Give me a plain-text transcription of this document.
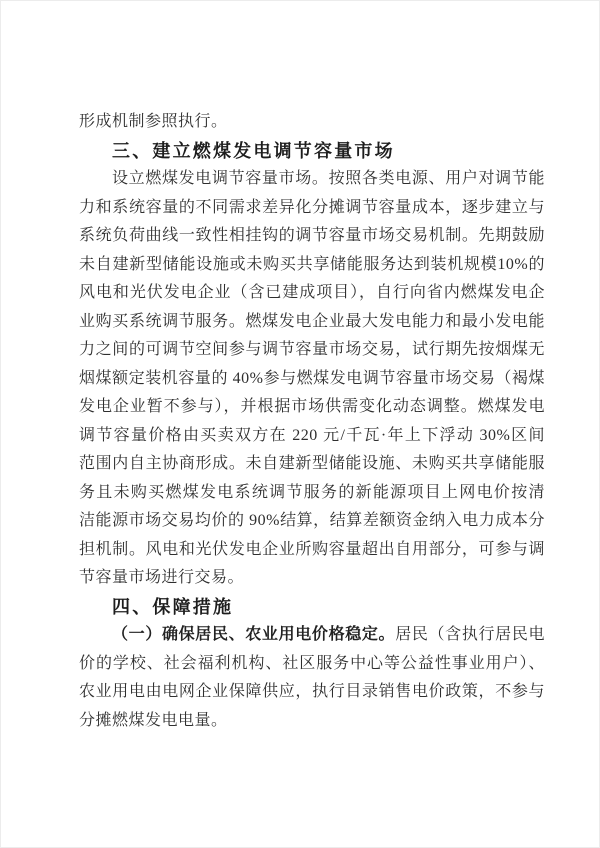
形成机制参照执行。
三、建立燃煤发电调节容量市场
设立燃煤发电调节容量市场。按照各类电源、用户对调节能
力和系统容量的不同需求差异化分摊调节容量成本，逐步建立与
系统负荷曲线一致性相挂钩的调节容量市场交易机制。先期鼓励
未自建新型储能设施或未购买共享储能服务达到装机规模10%的
风电和光伏发电企业（含已建成项目），自行向省内燃煤发电企
业购买系统调节服务。燃煤发电企业最大发电能力和最小发电能
力之间的可调节空间参与调节容量市场交易，试行期先按烟煤无
烟煤额定装机容量的 40%参与燃煤发电调节容量市场交易（褐煤
发电企业暂不参与），并根据市场供需变化动态调整。燃煤发电
调节容量价格由买卖双方在 220 元/千瓦·年上下浮动 30%区间
范围内自主协商形成。未自建新型储能设施、未购买共享储能服
务且未购买燃煤发电系统调节服务的新能源项目上网电价按清
洁能源市场交易均价的 90%结算，结算差额资金纳入电力成本分
担机制。风电和光伏发电企业所购容量超出自用部分，可参与调
节容量市场进行交易。
四、保障措施
（一）确保居民、农业用电价格稳定。居民（含执行居民电
价的学校、社会福利机构、社区服务中心等公益性事业用户）、
农业用电由电网企业保障供应，执行目录销售电价政策，不参与
分摊燃煤发电电量。
